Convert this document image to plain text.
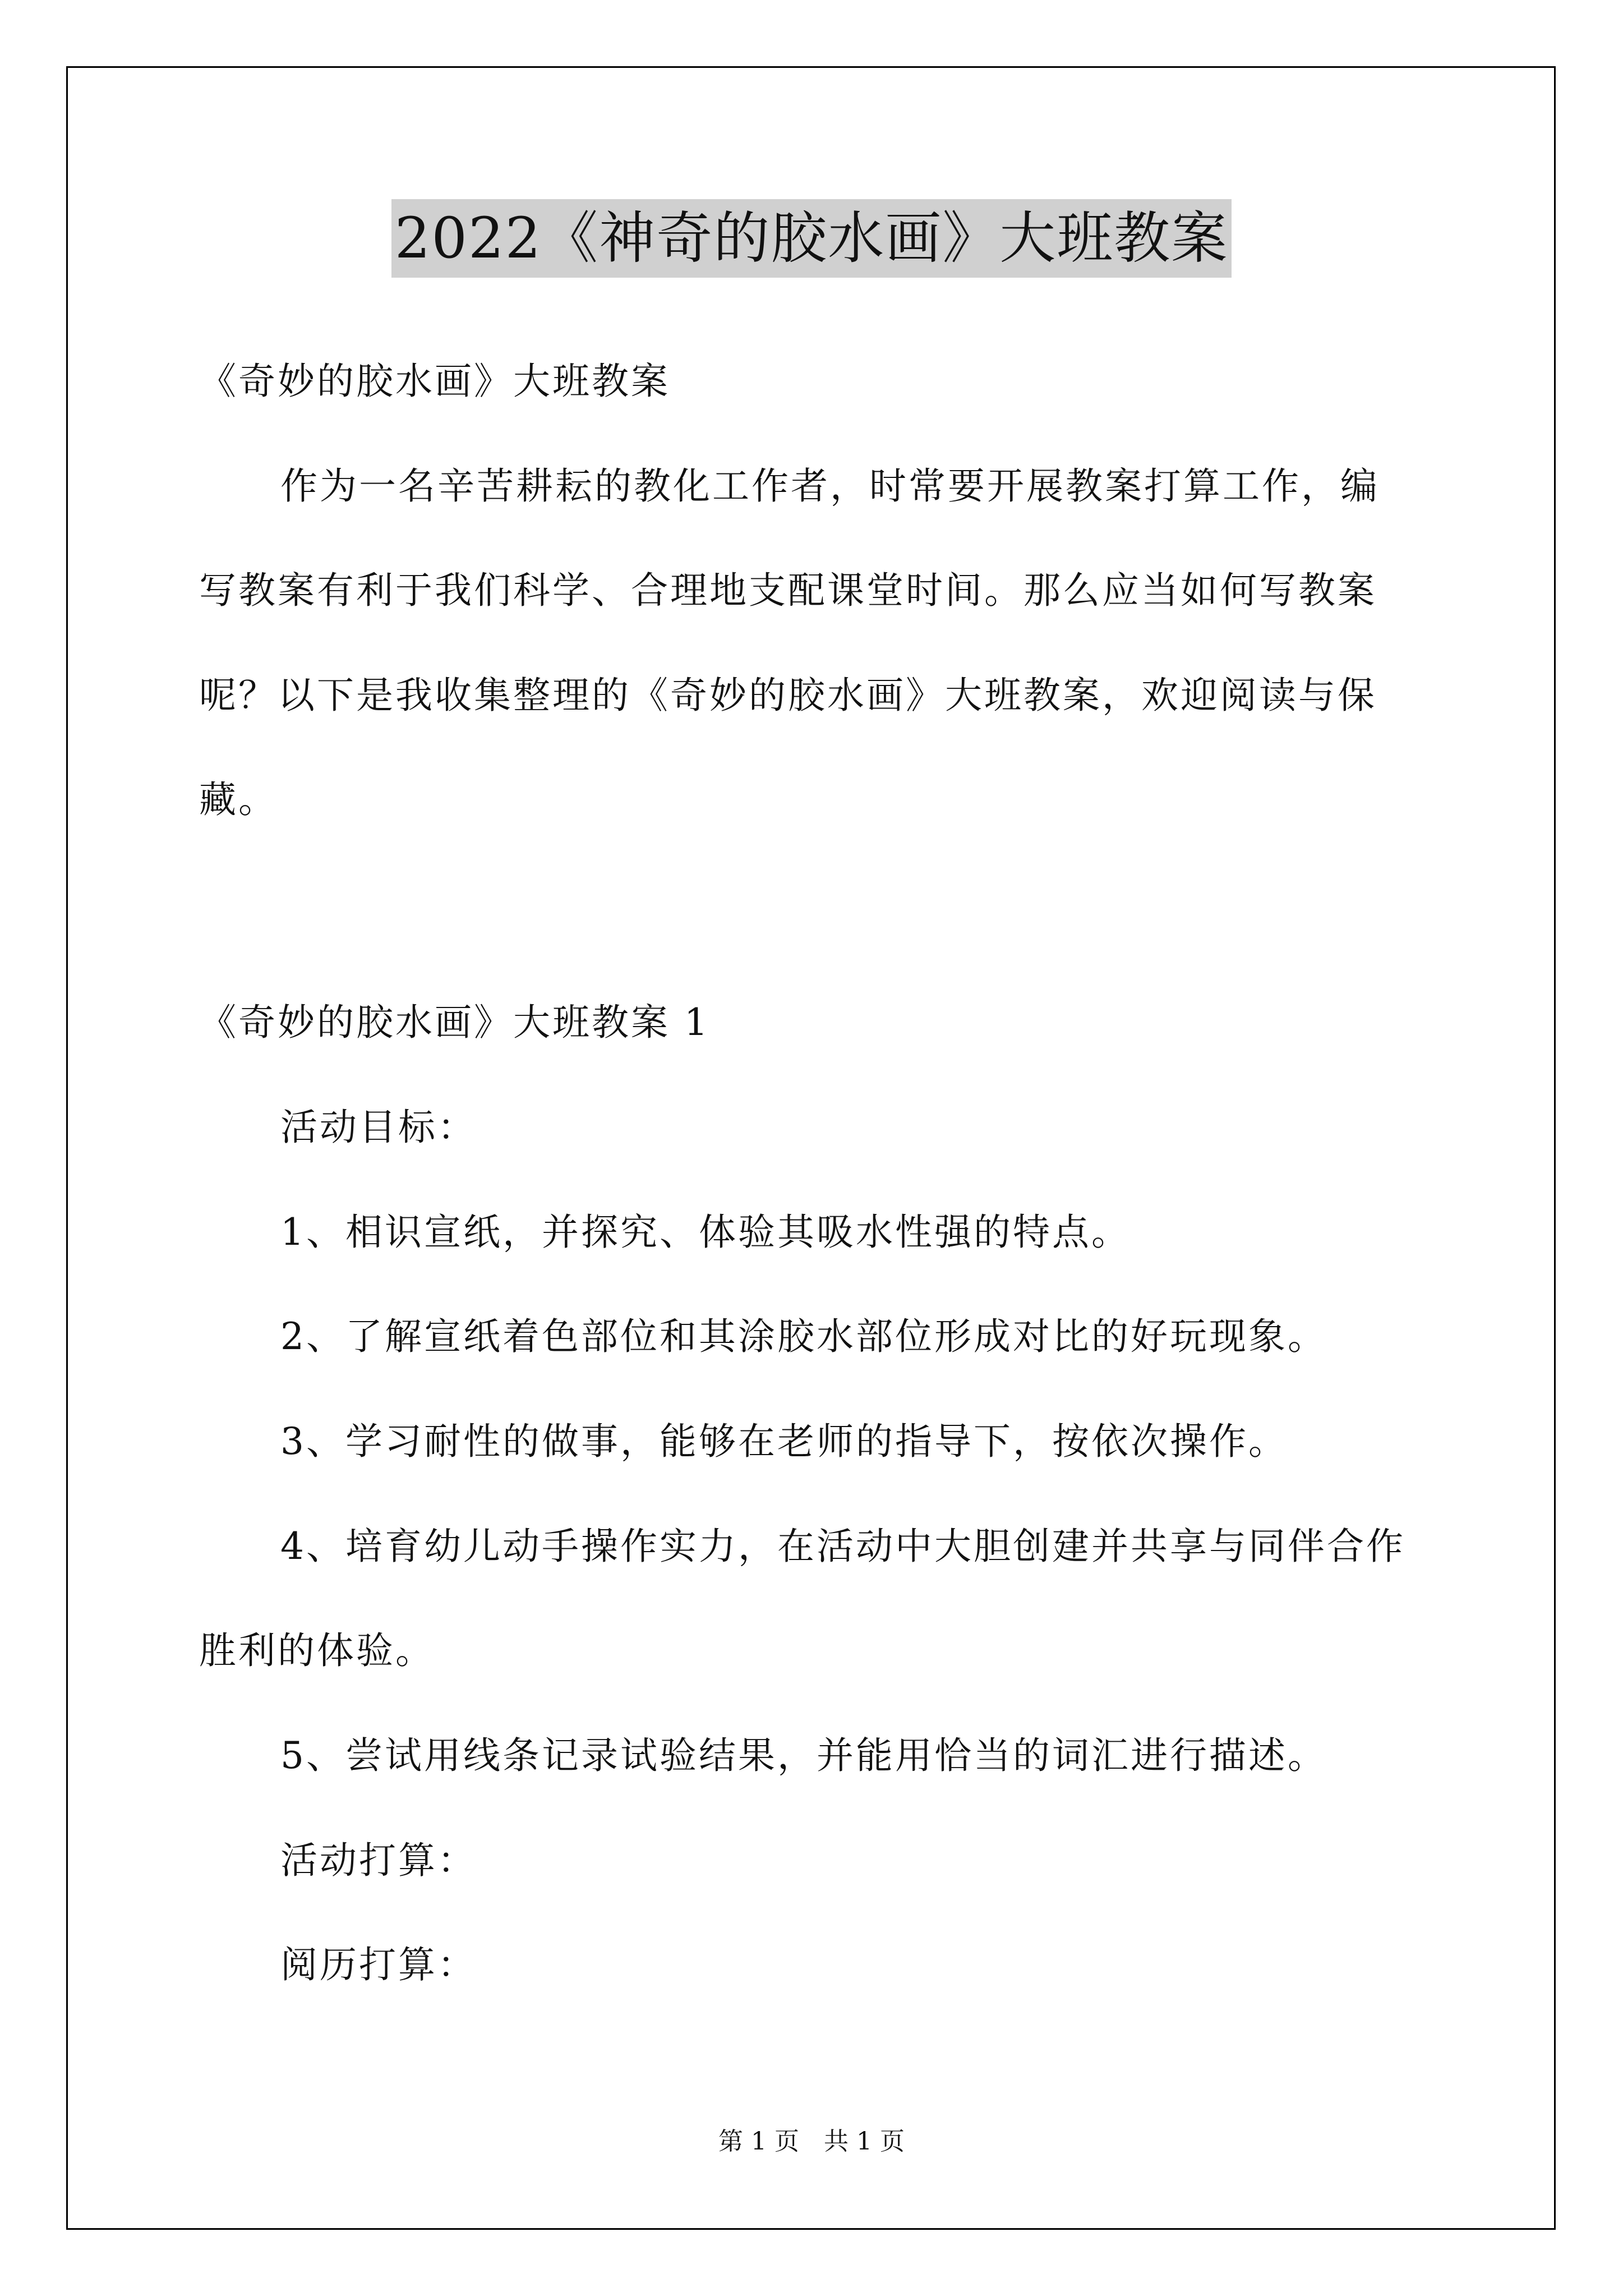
2022《神奇的胶水画》大班教案
《奇妙的胶水画》大班教案
作为一名辛苦耕耘的教化工作者，时常要开展教案打算工作，编
写教案有利于我们科学、合理地支配课堂时间。那么应当如何写教案
呢？以下是我收集整理的《奇妙的胶水画》大班教案，欢迎阅读与保
藏。
《奇妙的胶水画》大班教案 1
活动目标：
1、相识宣纸，并探究、体验其吸水性强的特点。
2、了解宣纸着色部位和其涂胶水部位形成对比的好玩现象。
3、学习耐性的做事，能够在老师的指导下，按依次操作。
4、培育幼儿动手操作实力，在活动中大胆创建并共享与同伴合作
胜利的体验。
5、尝试用线条记录试验结果，并能用恰当的词汇进行描述。
活动打算：
阅历打算：
第 1 页　共 1 页
